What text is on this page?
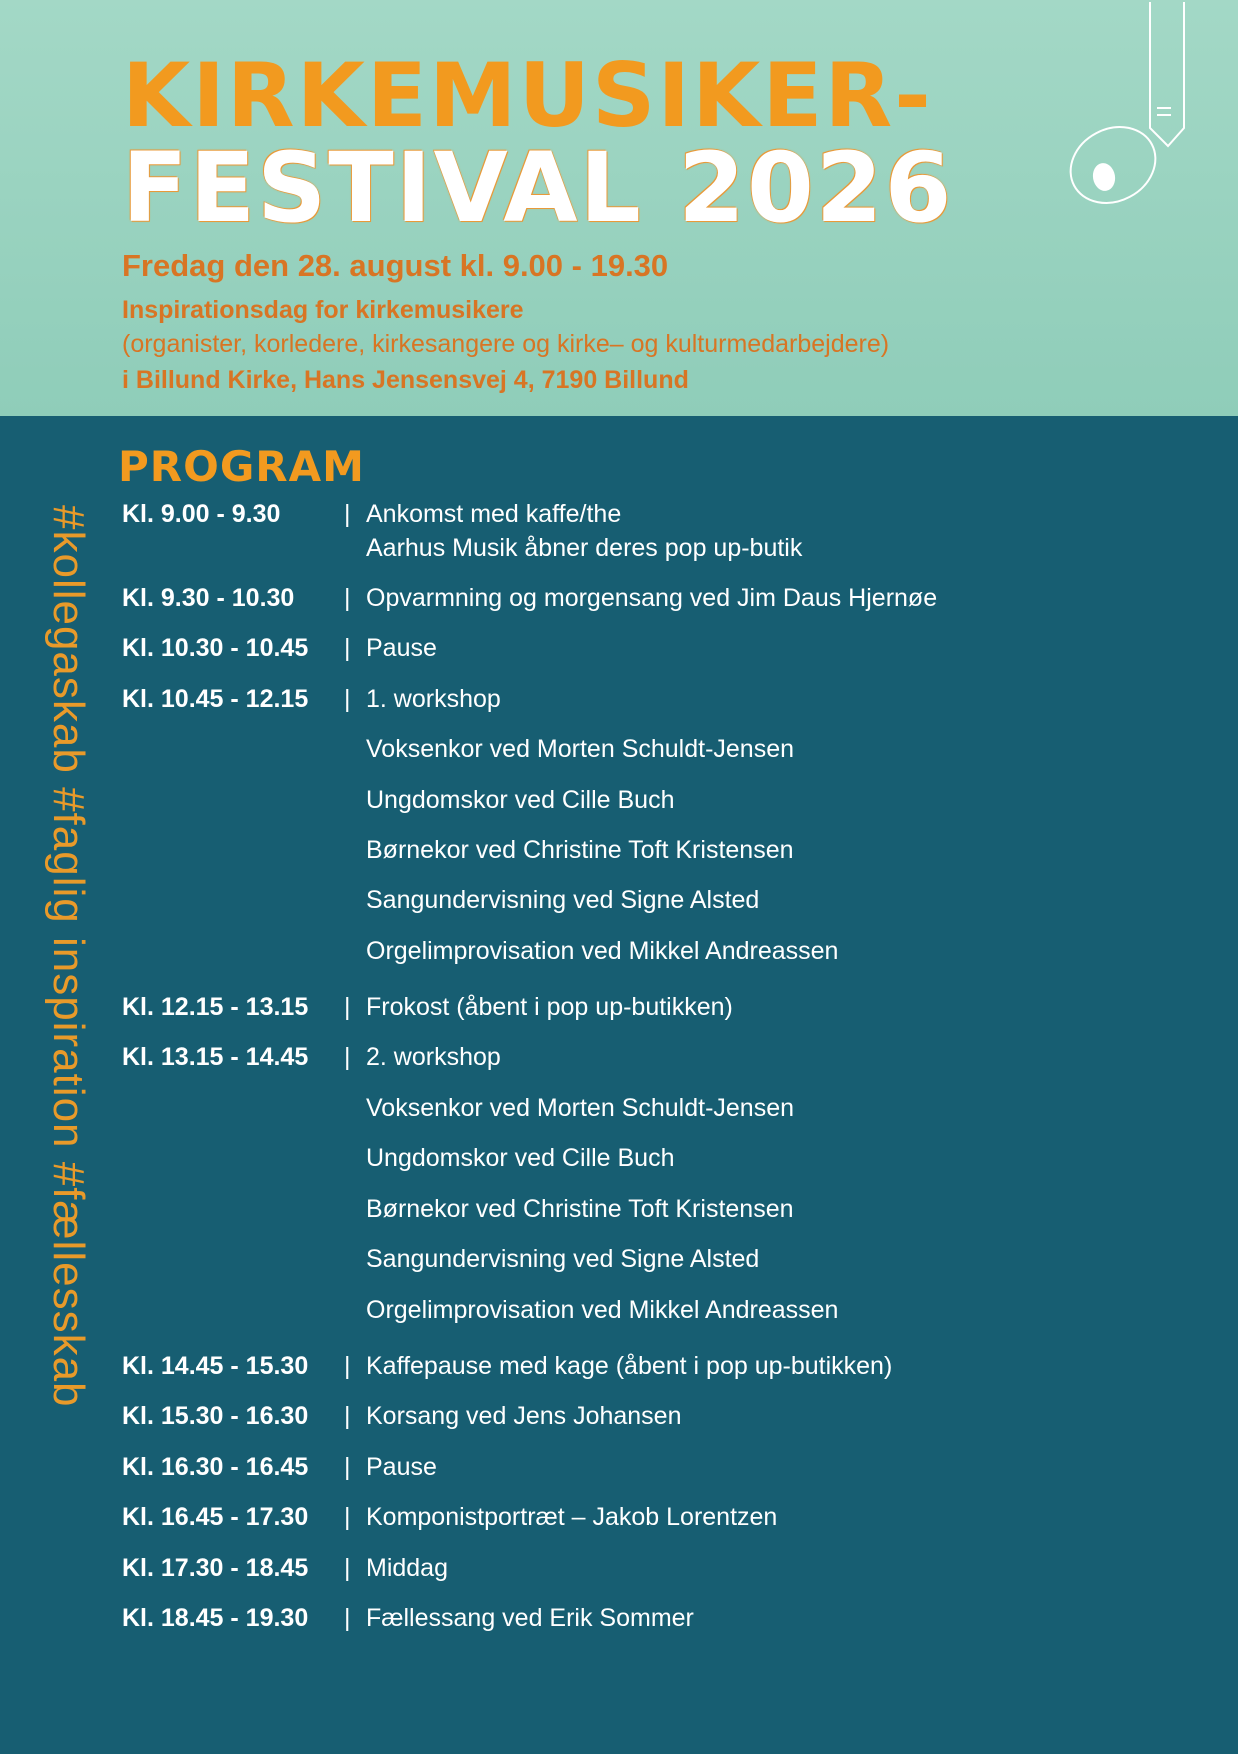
KIRKEMUSIKER-
FESTIVAL 2026
Fredag den 28. august kl. 9.00 - 19.30
Inspirationsdag for kirkemusikere
(organister, korledere, kirkesangere og kirke– og kulturmedarbejdere)
i Billund Kirke, Hans Jensensvej 4, 7190 Billund
#kollegaskab #faglig inspiration #fællesskab
PROGRAM
Kl. 9.00 - 9.30	| Ankomst med kaffe/the
Aarhus Musik åbner deres pop up-butik
Kl. 9.30 - 10.30	| Opvarmning og morgensang ved Jim Daus Hjernøe
Kl. 10.30 - 10.45	| Pause
Kl. 10.45 - 12.15	| 1. workshop
Voksenkor ved Morten Schuldt-Jensen
Ungdomskor ved Cille Buch
Børnekor ved Christine Toft Kristensen
Sangundervisning ved Signe Alsted
Orgelimprovisation ved Mikkel Andreassen
Kl. 12.15 - 13.15	| Frokost (åbent i pop up-butikken)
Kl. 13.15 - 14.45	| 2. workshop
Voksenkor ved Morten Schuldt-Jensen
Ungdomskor ved Cille Buch
Børnekor ved Christine Toft Kristensen
Sangundervisning ved Signe Alsted
Orgelimprovisation ved Mikkel Andreassen
Kl. 14.45 - 15.30	| Kaffepause med kage (åbent i pop up-butikken)
Kl. 15.30 - 16.30	| Korsang ved Jens Johansen
Kl. 16.30 - 16.45	| Pause
Kl. 16.45 - 17.30	| Komponistportræt – Jakob Lorentzen
Kl. 17.30 - 18.45	| Middag
Kl. 18.45 - 19.30	| Fællessang ved Erik Sommer
